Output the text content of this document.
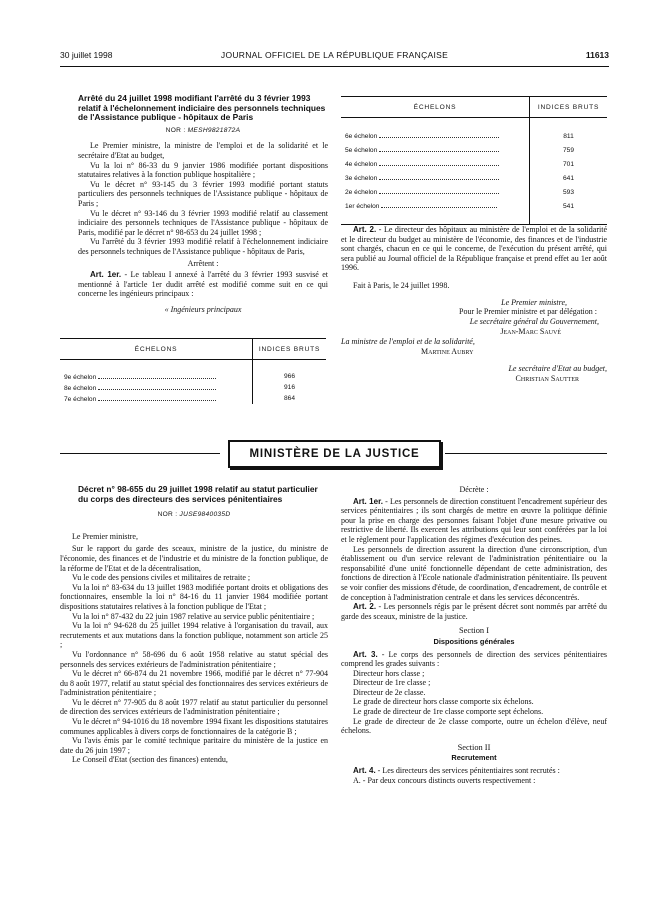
30 juillet 1998	JOURNAL OFFICIEL DE LA RÉPUBLIQUE FRANÇAISE	11613
Arrêté du 24 juillet 1998 modifiant l'arrêté du 3 février 1993 relatif à l'échelonnement indiciaire des personnels techniques de l'Assistance publique - hôpitaux de Paris
NOR : MESH9821872A

Le Premier ministre, la ministre de l'emploi et de la solidarité et le secrétaire d'Etat au budget,

Vu la loi n° 86-33 du 9 janvier 1986 modifiée portant dispositions statutaires relatives à la fonction publique hospitalière ;

Vu le décret n° 93-145 du 3 février 1993 modifié portant statuts particuliers des personnels techniques de l'Assistance publique - hôpitaux de Paris ;

Vu le décret n° 93-146 du 3 février 1993 modifié relatif au classement indiciaire des personnels techniques de l'Assistance publique - hôpitaux de Paris, modifié par le décret n° 98-653 du 24 juillet 1998 ;

Vu l'arrêté du 3 février 1993 modifié relatif à l'échelonnement indiciaire des personnels techniques de l'Assistance publique - hôpitaux de Paris,

Arrêtent :

Art. 1er. - Le tableau I annexé à l'arrêté du 3 février 1993 susvisé et mentionné à l'article 1er dudit arrêté est modifié comme suit en ce qui concerne les ingénieurs principaux :

« Ingénieurs principaux

ÉCHELONS	INDICES BRUTS

9e échelon	966
8e échelon	916
7e échelon	864
ÉCHELONS	INDICES BRUTS

6e échelon	811
5e échelon	759
4e échelon	701
3e échelon	641
2e échelon	593
1er échelon	541

Art. 2. - Le directeur des hôpitaux au ministère de l'emploi et de la solidarité et le directeur du budget au ministère de l'économie, des finances et de l'industrie sont chargés, chacun en ce qui le concerne, de l'exécution du présent arrêté, qui sera publié au Journal officiel de la République française et prend effet au 1er août 1996.

Fait à Paris, le 24 juillet 1998.

Le Premier ministre,
Pour le Premier ministre et par délégation :
Le secrétaire général du Gouvernement,
Jean-Marc Sauvé
La ministre de l'emploi et de la solidarité,
Martine Aubry
Le secrétaire d'Etat au budget,
Christian Sautter
MINISTÈRE DE LA JUSTICE
Décret n° 98-655 du 29 juillet 1998 relatif au statut particulier du corps des directeurs des services pénitentiaires
NOR : JUSE9840035D

Le Premier ministre,

Sur le rapport du garde des sceaux, ministre de la justice, du ministre de l'économie, des finances et de l'industrie et du ministre de la fonction publique, de la réforme de l'Etat et de la décentralisation,

Vu le code des pensions civiles et militaires de retraite ;

Vu la loi n° 83-634 du 13 juillet 1983 modifiée portant droits et obligations des fonctionnaires, ensemble la loi n° 84-16 du 11 janvier 1984 modifiée portant dispositions statutaires relatives à la fonction publique de l'Etat ;

Vu la loi n° 87-432 du 22 juin 1987 relative au service public pénitentiaire ;

Vu la loi n° 94-628 du 25 juillet 1994 relative à l'organisation du travail, aux recrutements et aux mutations dans la fonction publique, notamment son article 25 ;

Vu l'ordonnance n° 58-696 du 6 août 1958 relative au statut spécial des personnels des services extérieurs de l'administration pénitentiaire ;

Vu le décret n° 66-874 du 21 novembre 1966, modifié par le décret n° 77-904 du 8 août 1977, relatif au statut spécial des fonctionnaires des services extérieurs de l'administration pénitentiaire ;

Vu le décret n° 77-905 du 8 août 1977 relatif au statut particulier du personnel de direction des services extérieurs de l'administration pénitentiaire ;

Vu le décret n° 94-1016 du 18 novembre 1994 fixant les dispositions statutaires communes applicables à divers corps de fonctionnaires de la catégorie B ;

Vu l'avis émis par le comité technique paritaire du ministère de la justice en date du 26 juin 1997 ;

Le Conseil d'Etat (section des finances) entendu,

Décrète :

Art. 1er. - Les personnels de direction constituent l'encadrement supérieur des services pénitentiaires ; ils sont chargés de mettre en œuvre la politique définie pour la prise en charge des personnes faisant l'objet d'une mesure privative ou restrictive de liberté. Ils exercent les attributions qui leur sont conférées par la loi et le règlement pour l'application des régimes d'exécution des peines.

Les personnels de direction assurent la direction d'une circonscription, d'un établissement ou d'un service relevant de l'administration pénitentiaire ou la responsabilité d'une unité fonctionnelle dépendant de cette administration, des fonctions de direction à l'Ecole nationale d'administration pénitentiaire. Ils peuvent se voir confier des missions d'étude, de coordination, d'encadrement, de contrôle et de conception à l'administration centrale et dans les services déconcentrés.

Art. 2. - Les personnels régis par le présent décret sont nommés par arrêté du garde des sceaux, ministre de la justice.

Section I
Dispositions générales

Art. 3. - Le corps des personnels de direction des services pénitentiaires comprend les grades suivants :

Directeur hors classe ;

Directeur de 1re classe ;

Directeur de 2e classe.

Le grade de directeur hors classe comporte six échelons.

Le grade de directeur de 1re classe comporte sept échelons.

Le grade de directeur de 2e classe comporte, outre un échelon d'élève, neuf échelons.

Section II
Recrutement

Art. 4. - Les directeurs des services pénitentiaires sont recrutés :

A. - Par deux concours distincts ouverts respectivement :
